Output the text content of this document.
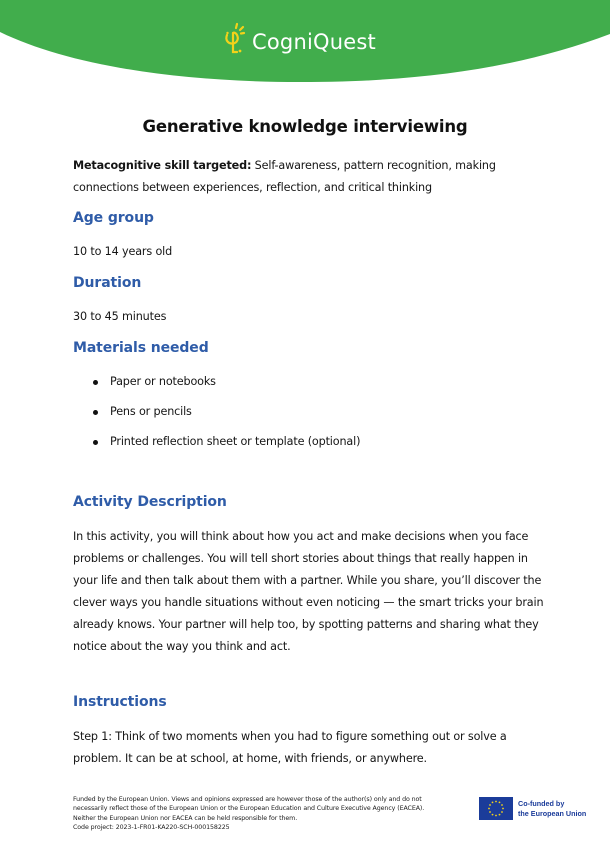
CogniQuest
Generative knowledge interviewing
Metacognitive skill targeted: Self-awareness, pattern recognition, making
connections between experiences, reflection, and critical thinking
Age group
10 to 14 years old
Duration
30 to 45 minutes
Materials needed
Paper or notebooks
Pens or pencils
Printed reflection sheet or template (optional)
Activity Description
In this activity, you will think about how you act and make decisions when you face
problems or challenges. You will tell short stories about things that really happen in
your life and then talk about them with a partner. While you share, you’ll discover the
clever ways you handle situations without even noticing — the smart tricks your brain
already knows. Your partner will help too, by spotting patterns and sharing what they
notice about the way you think and act.
Instructions
Step 1: Think of two moments when you had to figure something out or solve a
problem. It can be at school, at home, with friends, or anywhere.
Funded by the European Union. Views and opinions expressed are however those of the author(s) only and do not
necessarily reflect those of the European Union or the European Education and Culture Executive Agency (EACEA).
Neither the European Union nor EACEA can be held responsible for them.
Code project: 2023-1-FR01-KA220-SCH-000158225
Co-funded by
the European Union
